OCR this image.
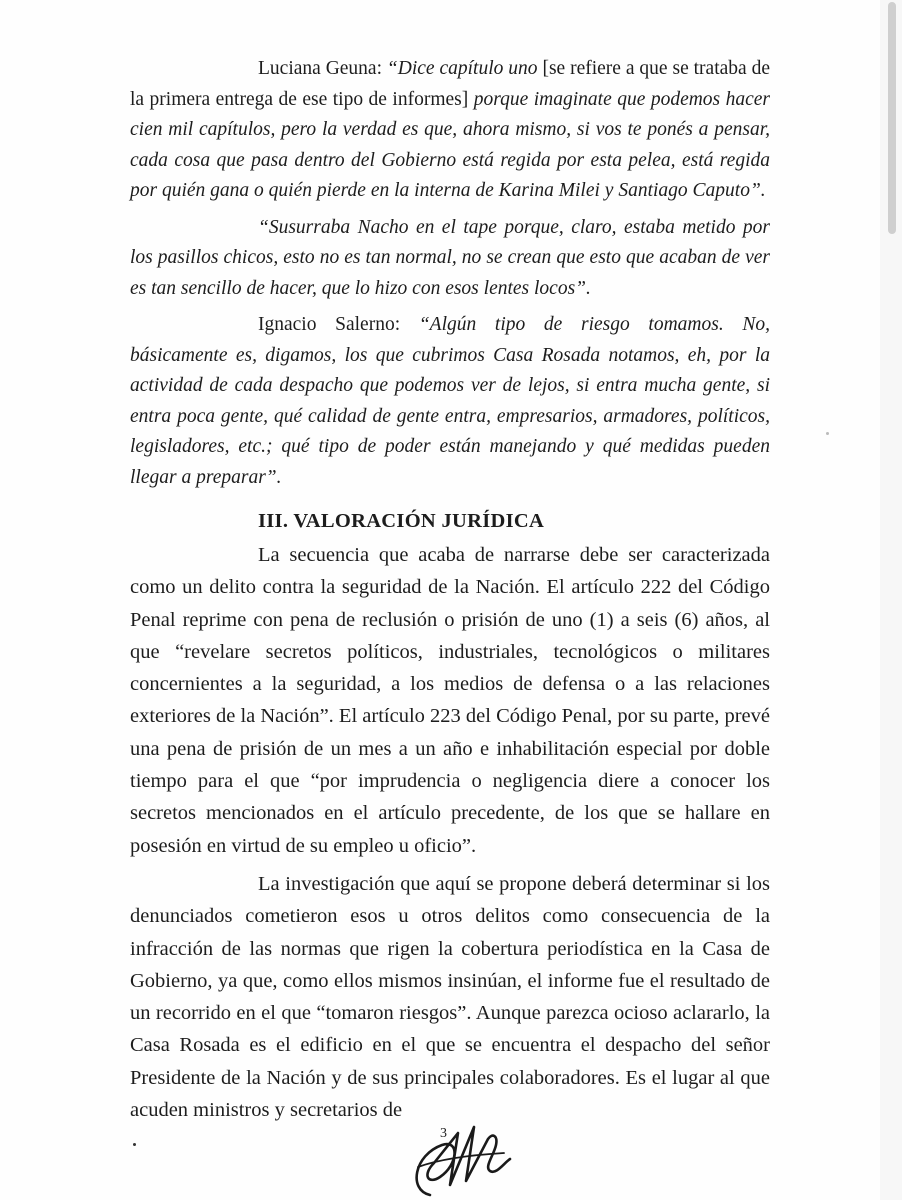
Luciana Geuna: “Dice capítulo uno [se refiere a que se trataba de la primera entrega de ese tipo de informes] porque imaginate que podemos hacer cien mil capítulos, pero la verdad es que, ahora mismo, si vos te ponés a pensar, cada cosa que pasa dentro del Gobierno está regida por esta pelea, está regida por quién gana o quién pierde en la interna de Karina Milei y Santiago Caputo”.

“Susurraba Nacho en el tape porque, claro, estaba metido por los pasillos chicos, esto no es tan normal, no se crean que esto que acaban de ver es tan sencillo de hacer, que lo hizo con esos lentes locos”.

Ignacio Salerno: “Algún tipo de riesgo tomamos. No, básicamente es, digamos, los que cubrimos Casa Rosada notamos, eh, por la actividad de cada despacho que podemos ver de lejos, si entra mucha gente, si entra poca gente, qué calidad de gente entra, empresarios, armadores, políticos, legisladores, etc.; qué tipo de poder están manejando y qué medidas pueden llegar a preparar”.

III. VALORACIÓN JURÍDICA

La secuencia que acaba de narrarse debe ser caracterizada como un delito contra la seguridad de la Nación. El artículo 222 del Código Penal reprime con pena de reclusión o prisión de uno (1) a seis (6) años, al que “revelare secretos políticos, industriales, tecnológicos o militares concernientes a la seguridad, a los medios de defensa o a las relaciones exteriores de la Nación”. El artículo 223 del Código Penal, por su parte, prevé una pena de prisión de un mes a un año e inhabilitación especial por doble tiempo para el que “por imprudencia o negligencia diere a conocer los secretos mencionados en el artículo precedente, de los que se hallare en posesión en virtud de su empleo u oficio”.

La investigación que aquí se propone deberá determinar si los denunciados cometieron esos u otros delitos como consecuencia de la infracción de las normas que rigen la cobertura periodística en la Casa de Gobierno, ya que, como ellos mismos insinúan, el informe fue el resultado de un recorrido en el que “tomaron riesgos”. Aunque parezca ocioso aclararlo, la Casa Rosada es el edificio en el que se encuentra el despacho del señor Presidente de la Nación y de sus principales colaboradores. Es el lugar al que acuden ministros y secretarios de

3
